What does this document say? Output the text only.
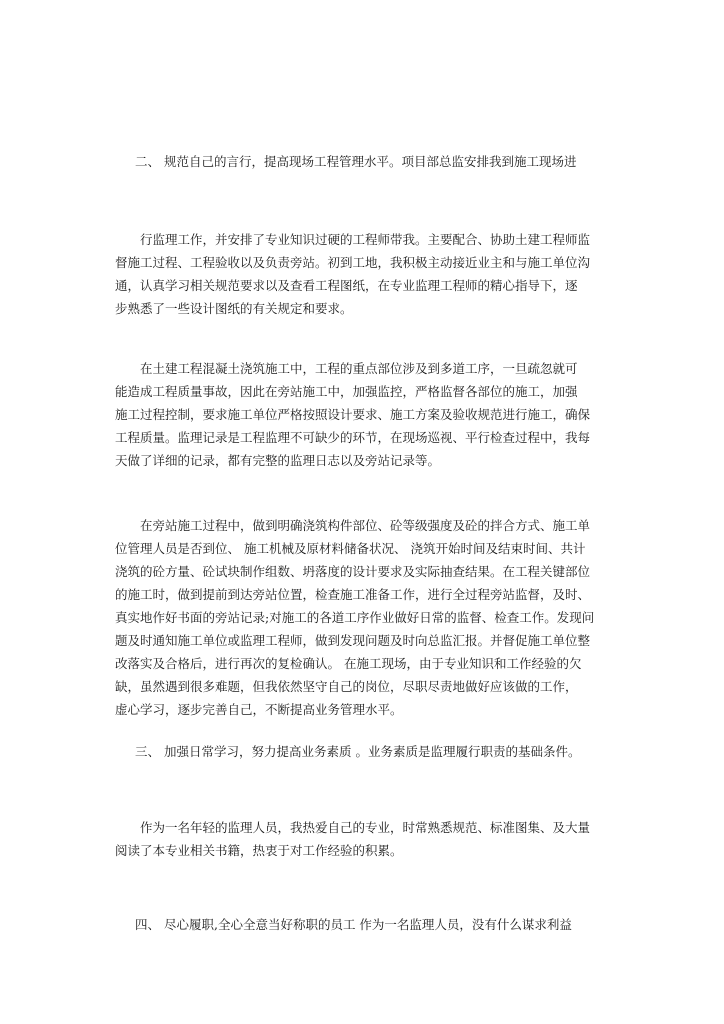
二、 规范自己的言行，提高现场工程管理水平。项目部总监安排我到施工现场进

行监理工作，并安排了专业知识过硬的工程师带我。主要配合、协助土建工程师监
督施工过程、工程验收以及负责旁站。初到工地，我积极主动接近业主和与施工单位沟
通，认真学习相关规范要求以及查看工程图纸，在专业监理工程师的精心指导下，逐
步熟悉了一些设计图纸的有关规定和要求。

在土建工程混凝土浇筑施工中，工程的重点部位涉及到多道工序，一旦疏忽就可
能造成工程质量事故，因此在旁站施工中，加强监控，严格监督各部位的施工，加强
施工过程控制，要求施工单位严格按照设计要求、施工方案及验收规范进行施工，确保
工程质量。监理记录是工程监理不可缺少的环节，在现场巡视、平行检查过程中，我每
天做了详细的记录，都有完整的监理日志以及旁站记录等。

在旁站施工过程中，做到明确浇筑构件部位、砼等级强度及砼的拌合方式、施工单
位管理人员是否到位、 施工机械及原材料储备状况、 浇筑开始时间及结束时间、共计
浇筑的砼方量、砼试块制作组数、坍落度的设计要求及实际抽查结果。在工程关键部位
的施工时，做到提前到达旁站位置，检查施工准备工作，进行全过程旁站监督，及时、
真实地作好书面的旁站记录;对施工的各道工序作业做好日常的监督、检查工作。发现问
题及时通知施工单位或监理工程师，做到发现问题及时向总监汇报。并督促施工单位整
改落实及合格后，进行再次的复检确认。 在施工现场，由于专业知识和工作经验的欠
缺，虽然遇到很多难题，但我依然坚守自己的岗位，尽职尽责地做好应该做的工作，
虚心学习，逐步完善自己，不断提高业务管理水平。

三、 加强日常学习，努力提高业务素质 。业务素质是监理履行职责的基础条件。

作为一名年轻的监理人员，我热爱自己的专业，时常熟悉规范、标准图集、及大量
阅读了本专业相关书籍，热衷于对工作经验的积累。

四、 尽心履职,全心全意当好称职的员工 作为一名监理人员，没有什么谋求利益
